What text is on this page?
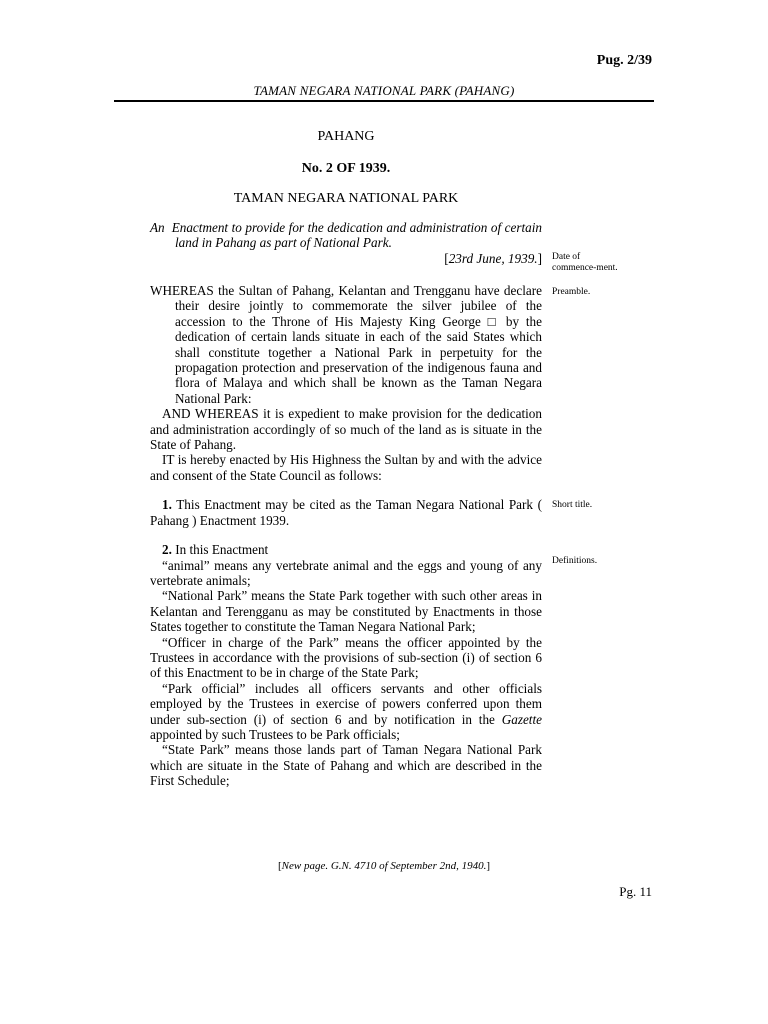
Pug. 2/39
TAMAN NEGARA NATIONAL PARK (PAHANG)
PAHANG
No. 2 OF 1939.
TAMAN NEGARA NATIONAL PARK

An Enactment to provide for the dedication and administration of certain land in Pahang as part of National Park.

[23rd June, 1939.]

WHEREAS the Sultan of Pahang, Kelantan and Trengganu have declare their desire jointly to commemorate the silver jubilee of the accession to the Throne of His Majesty King George □ by the dedication of certain lands situate in each of the said States which shall constitute together a National Park in perpetuity for the propagation protection and preservation of the indigenous fauna and flora of Malaya and which shall be known as the Taman Negara National Park:

AND WHEREAS it is expedient to make provision for the dedication and administration accordingly of so much of the land as is situate in the State of Pahang.

IT is hereby enacted by His Highness the Sultan by and with the advice and consent of the State Council as follows:

1. This Enactment may be cited as the Taman Negara National Park ( Pahang ) Enactment 1939.

2. In this Enactment

“animal” means any vertebrate animal and the eggs and young of any vertebrate animals;

“National Park” means the State Park together with such other areas in Kelantan and Terengganu as may be constituted by Enactments in those States together to constitute the Taman Negara National Park;

“Officer in charge of the Park” means the officer appointed by the Trustees in accordance with the provisions of sub-section (i) of section 6 of this Enactment to be in charge of the State Park;

“Park official” includes all officers servants and other officials employed by the Trustees in exercise of powers conferred upon them under sub-section (i) of section 6 and by notification in the Gazette appointed by such Trustees to be Park officials;

“State Park” means those lands part of Taman Negara National Park which are situate in the State of Pahang and which are described in the First Schedule;

Date of commence-ment.
Preamble.
Short title.
Definitions.
[New page. G.N. 4710 of September 2nd, 1940.]
Pg. 11
